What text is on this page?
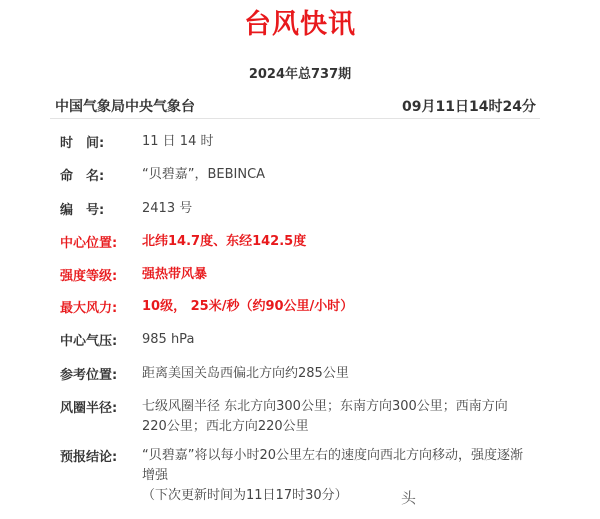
台风快讯
2024年总737期
中国气象局中央气象台	09月11日14时24分
时　间:	11 日 14 时
命　名:	“贝碧嘉”，BEBINCA
编　号:	2413 号
中心位置: 北纬14.7度、东经142.5度
强度等级: 强热带风暴
最大风力: 10级， 25米/秒（约90公里/小时）
中心气压: 985 hPa
参考位置: 距离美国关岛西偏北方向约285公里
风圈半径: 七级风圈半径 东北方向300公里；东南方向300公里；西南方向220公里；西北方向220公里
预报结论: “贝碧嘉”将以每小时20公里左右的速度向西北方向移动，强度逐渐增强
（下次更新时间为11日17时30分）	头
